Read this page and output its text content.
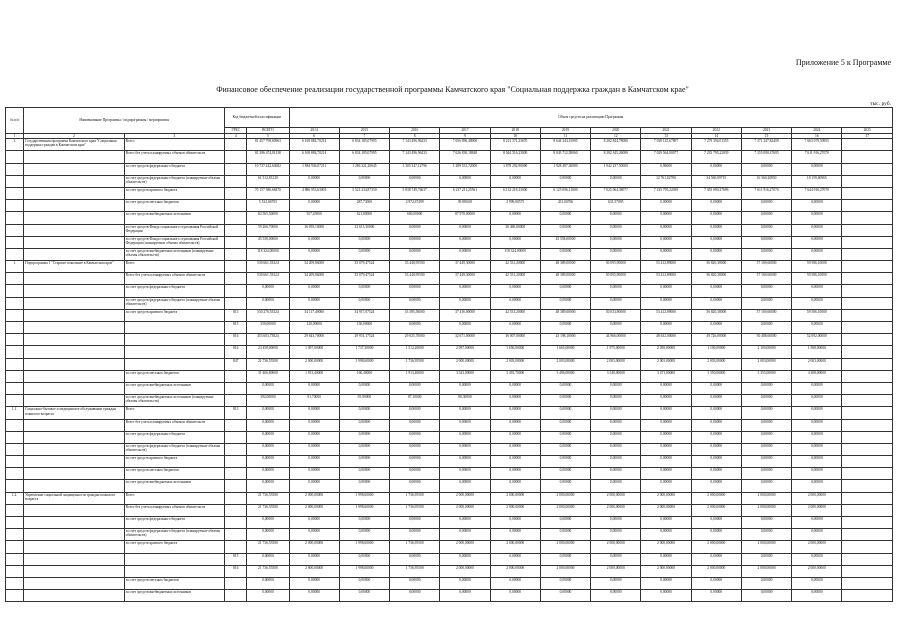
Приложение 5 к Программе
Финансовое обеспечение реализации государственной программы Камчатского края "Социальная поддержка граждан в Камчатском крае"
тыс. руб.
№ п/п	Наименование Программы / подпрограммы / мероприятия		Код бюджетной классификации		Объем средств на реализацию Программы											
			ГРБС	ВСЕГО	2014	2015	2016	2017	2018	2019	2020	2021	2022	2023	2024	2025
1	2	3	4	5	6	7	8	9	10	11	12	13	14	15	16	17
1.	Государственная программа Камчатского края "Социальная поддержка граждан в Камчатском крае"	Всего		81 457 799,60963	6 169 884,70214	6 834 185,07995	7 143 496,96433	7 656 896,48908	8 213 371,23670	8 644 344,15095	8 282 844,78086	7 038 125,67897	7 279 394,01355	7 371 247,82409	7 663 079,50955	
		Всего без учета планируемых объемов обязательств		81 396 474,01138	6 169 884,70214	6 834 185,07995	7 143 496,96433	7 626 830,18848	8 044 516,23000	8 043 712,58060	8 282 345,26080	7 029 564,80077	7 235 795,22039	7 355 090,37695	7 611 916,27070	
		за счет средств федерального бюджета		10 737 242,63682	1 884 936,07211	1 286 321,20645	1 305 347,12796	1 289 531,72000	1 878 292,90000	1 928 497,30000	1 942 237,50000	0,96000	0,00000	0,00000	0,00000	
		за счет средств федерального бюджета (планируемые объемы обязательств)		61 512,83120	0,00000	0,00000	0,00000	0,00000	0,00000	0,00000	0,00000	12 761,02780	34 560,09715	16 360,20850	18 159,60965	
		за счет средств краевого бюджета		70 157 586,68470	4 886 953,63003	5 521 234,87350	5 838 749,76637	6 237 211,25561	6 132 218,33000	6 125 096,11000	7 025 064,38077	7 235 795,22039	7 355 090,37696	7 611 916,27070	7 644 916,27070	
		за счет средств местных бюджетов		5 532,06705	0,00000	287,73000	2 972,67499	39 880,00	2 999,00575	431,00766	631,57095	0,00000	0,00000	0,00000	0,00000	
		за счет средств внебюджетных источников		82 565,50000	557,45000	621,00000	600,00000	87 978,00000	0,00000	0,00000	0,00000	0,00000	0,00000	0,00000	0,00000	
		за счет средств Фонда социального страхования Российской Федерации		59 266,70000	16 059,10000	12 613,30000	0,00000	0,00000	30 460,00000	0,00000	0,00000	0,00000	0,00000	0,00000	0,00000	
		за счет средств Фонда социального страхования Российской Федерации (планируемые объемы обязательств)		45 558,00000	0,00000	0,00000	0,00000	0,00000	0,00000	45 558,00000	0,00000	0,00000	0,00000	0,00000	0,00000	
		за счет средств внебюджетных источников (планируемые объемы обязательств)		118 324,00000	0,00000	0,00000	0,00000	0,00000	118 324,00000	0,00000	0,00000	0,00000	0,00000	0,00000	0,00000	
1.	Подпрограмма 1 "Старшее поколение в Камчатском крае"	Всего		530 661,53324	34 209,86000	35 079,47524	33 440,95500	37 449,30000	42 531,20000	48 389,00000	50 095,90000	53 412,89000	56 820,38000	57 169,60000	59 586,10000	
		Всего без учета планируемых объемов обязательств		530 661,53324	34 209,86000	35 079,47524	33 440,95500	37 449,30000	42 531,20000	48 389,00000	50 095,90000	53 412,89000	56 820,38000	57 169,60000	59 586,10000	
		за счет средств федерального бюджета		0,00000	0,00000	0,00000	0,00000	0,00000	0,00000	0,00000	0,00000	0,00000	0,00000	0,00000	0,00000	
		за счет средств федерального бюджета (планируемые объемы обязательств)		0,00000	0,00000	0,00000	0,00000	0,00000	0,00000	0,00000	0,00000	0,00000	0,00000	0,00000	0,00000	
		за счет средств краевого бюджета	813	530 270,53324	34 117,49000	34 917,07524	33 385,50000	37 416,00000	42 531,20000	48 389,00000	50 033,90000	53 412,89000	56 820,38000	57 169,60000	59 586,10000	
			815	350,00000	120,00000	130,00000	0,00000	0,00000	0,00000	0,00000	0,00000	0,00000	0,00000	0,00000	0,00000	
			816	453 603,73824	29 643,70000	29 951,17524	29 025,70000	32 671,00000	36 007,00000	43 198,10000	44 966,00000	48 632,00000	49 726,00000	50 488,60000	52 092,00000	
			816	23 458,00000	1 097,00000	1 737,30000	1 512,20000	2 087,00000	1 650,00000	1 665,00000	1 975,00000	2 050,00000	1 190,00000	2 100,00000	1 588,00000	
			847	21 736,55500	2 000,00000	1 998,60000	1 736,95500	2 000,00000	2 003,00000	2 003,00000	2 003,00000	2 003,00000	2 003,00000	2 003,00000	2 003,00000	
		за счет средств местных бюджетов		31 406,80000	1 913,40000	160,40000	1 913,40000	3 343,00000	3 491,70000	3 496,00000	3 540,00000	3 471,00000	3 350,00000	3 355,00000	4 308,00000	
		за счет средств внебюджетных источников		0,00000	0,00000	0,00000	0,00000	0,00000	0,00000	0,00000	0,00000	0,00000	0,00000	0,00000	0,00000	
		за счет средств внебюджетных источников (планируемые объемы обязательств)		392,00000	91,70000	95,90000	87,10000	88,30000	0,00000	0,00000	0,00000	0,00000	0,00000	0,00000	0,00000	
1.1.	Социально-бытовое и медицинское обслуживание граждан пожилого возраста	Всего	813	0,00000	0,00000	0,00000	0,00000	0,00000	0,00000	0,00000	0,00000	0,00000	0,00000	0,00000	0,00000	
		Всего без учета планируемых объемов обязательств		0,00000	0,00000	0,00000	0,00000	0,00000	0,00000	0,00000	0,00000	0,00000	0,00000	0,00000	0,00000	
		за счет средств федерального бюджета		0,00000	0,00000	0,00000	0,00000	0,00000	0,00000	0,00000	0,00000	0,00000	0,00000	0,00000	0,00000	
		за счет средств федерального бюджета (планируемые объемы обязательств)		0,00000	0,00000	0,00000	0,00000	0,00000	0,00000	0,00000	0,00000	0,00000	0,00000	0,00000	0,00000	
		за счет средств краевого бюджета		0,00000	0,00000	0,00000	0,00000	0,00000	0,00000	0,00000	0,00000	0,00000	0,00000	0,00000	0,00000	
		за счет средств местных бюджетов		0,00000	0,00000	0,00000	0,00000	0,00000	0,00000	0,00000	0,00000	0,00000	0,00000	0,00000	0,00000	
		за счет средств внебюджетных источников		0,00000	0,00000	0,00000	0,00000	0,00000	0,00000	0,00000	0,00000	0,00000	0,00000	0,00000	0,00000	
1.2.	Укрепление социальной защищенности граждан пожилого возраста	Всего		21 736,55500	2 000,00000	1 998,60000	1 736,95500	2 000,00000	2 000,00000	2 000,00000	2 000,00000	2 000,00000	2 000,00000	2 000,00000	2 000,00000	
		Всего без учета планируемых объемов обязательств		21 736,55500	2 000,00000	1 998,60000	1 736,95500	2 000,00000	2 000,00000	2 000,00000	2 000,00000	2 000,00000	2 000,00000	2 000,00000	2 000,00000	
		за счет средств федерального бюджета		0,00000	0,00000	0,00000	0,00000	0,00000	0,00000	0,00000	0,00000	0,00000	0,00000	0,00000	0,00000	
		за счет средств федерального бюджета (планируемые объемы обязательств)		0,00000	0,00000	0,00000	0,00000	0,00000	0,00000	0,00000	0,00000	0,00000	0,00000	0,00000	0,00000	
		за счет средств краевого бюджета		21 736,55500	2 000,00000	1 998,60000	1 736,95500	2 000,00000	2 000,00000	2 000,00000	2 000,00000	2 000,00000	2 000,00000	2 000,00000	2 000,00000	
			815	0,00000	0,00000	0,00000	0,00000	0,00000	0,00000	0,00000	0,00000	0,00000	0,00000	0,00000	0,00000	
			816	21 736,55500	2 000,00000	1 998,60000	1 736,95500	2 000,00000	2 000,00000	2 000,00000	2 000,00000	2 000,00000	2 000,00000	2 000,00000	2 000,00000	
		за счет средств местных бюджетов		0,00000	0,00000	0,00000	0,00000	0,00000	0,00000	0,00000	0,00000	0,00000	0,00000	0,00000	0,00000	
		за счет средств внебюджетных источников		0,00000	0,00000	0,00000	0,00000	0,00000	0,00000	0,00000	0,00000	0,00000	0,00000	0,00000	0,00000	
